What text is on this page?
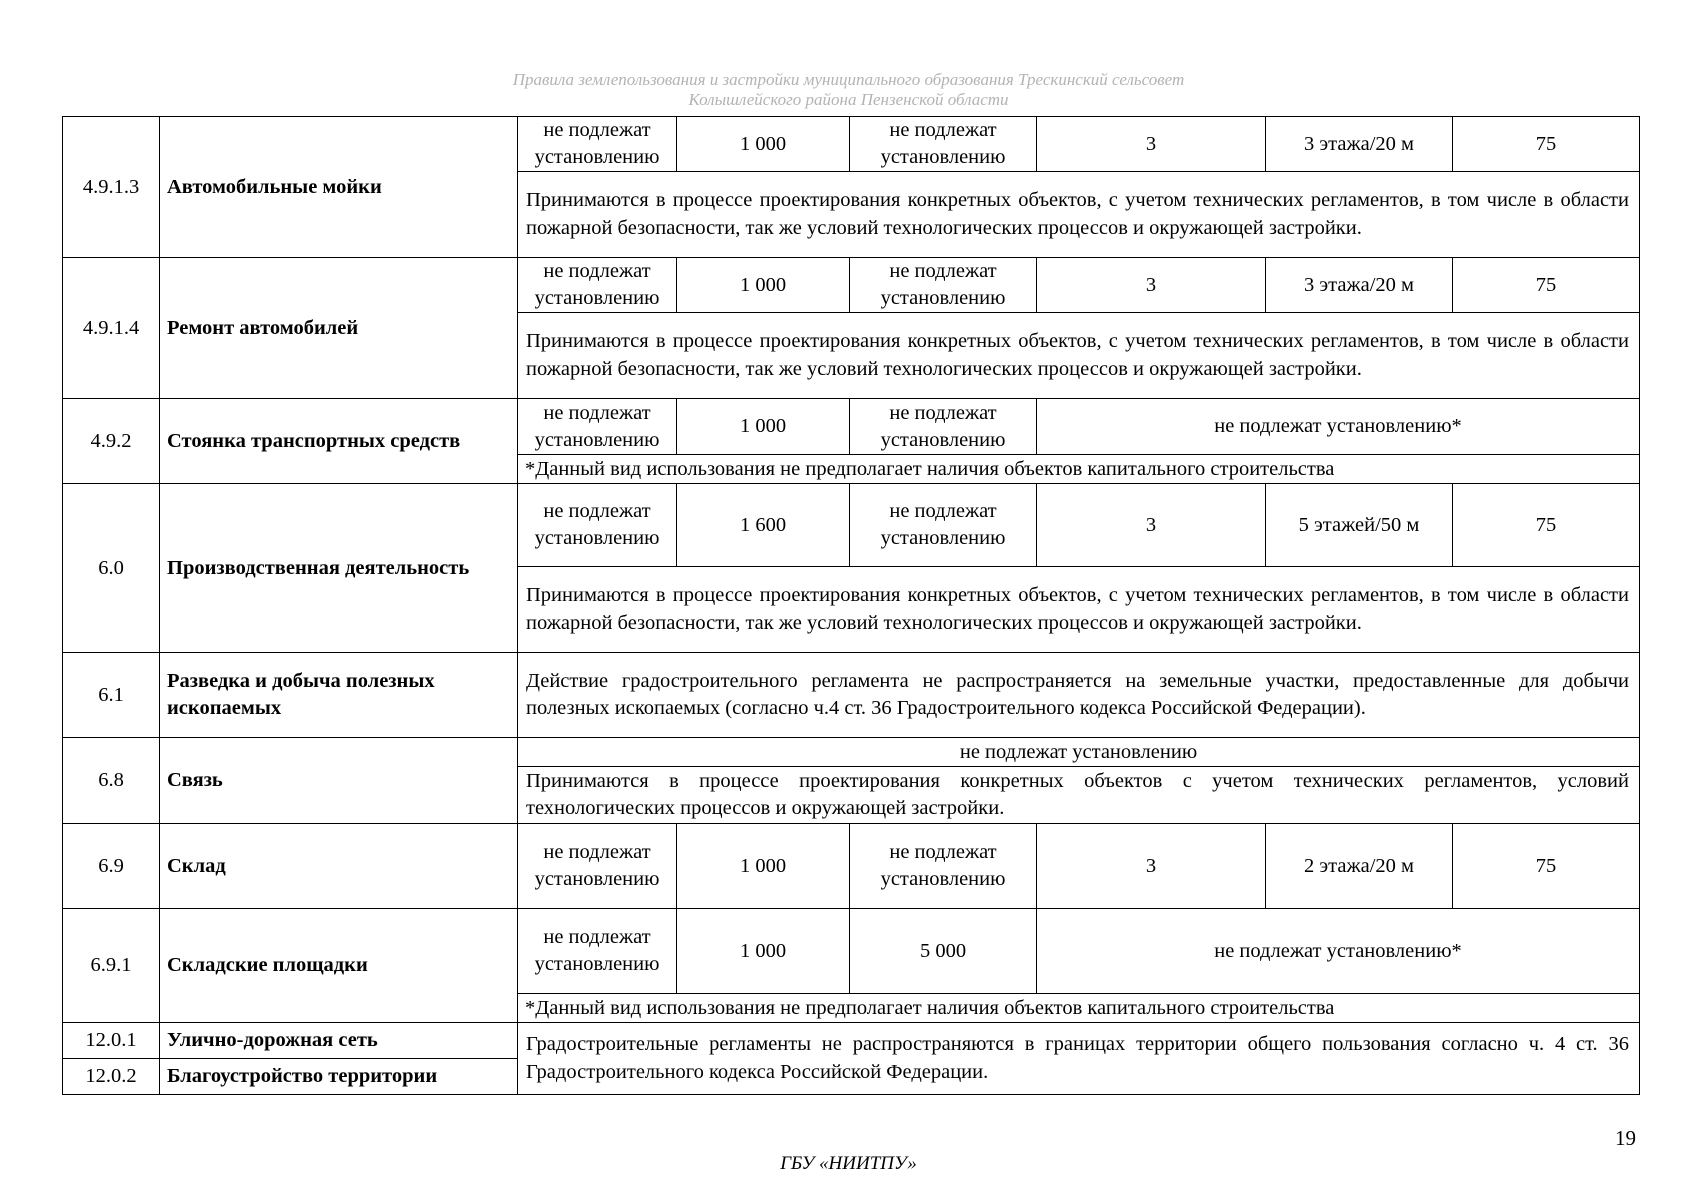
Правила землепользования и застройки муниципального образования Трескинский сельсовет
Колышлейского района Пензенской области
4.9.1.3	Автомобильные мойки	не подлежат установлению	1 000	не подлежат установлению	3	3 этажа/20 м	75
		Принимаются в процессе проектирования конкретных объектов, с учетом технических регламентов, в том числе в области пожарной безопасности, так же условий технологических процессов и окружающей застройки.					
4.9.1.4	Ремонт автомобилей	не подлежат установлению	1 000	не подлежат установлению	3	3 этажа/20 м	75
		Принимаются в процессе проектирования конкретных объектов, с учетом технических регламентов, в том числе в области пожарной безопасности, так же условий технологических процессов и окружающей застройки.					
4.9.2	Стоянка транспортных средств	не подлежат установлению	1 000	не подлежат установлению	не подлежат установлению*		
		*Данный вид использования не предполагает наличия объектов капитального строительства					
6.0	Производственная деятельность	не подлежат установлению	1 600	не подлежат установлению	3	5 этажей/50 м	75
		Принимаются в процессе проектирования конкретных объектов, с учетом технических регламентов, в том числе в области пожарной безопасности, так же условий технологических процессов и окружающей застройки.					
6.1	Разведка и добыча полезных ископаемых	Действие градостроительного регламента не распространяется на земельные участки, предоставленные для добычи полезных ископаемых (согласно ч.4 ст. 36 Градостроительного кодекса Российской Федерации).					
6.8	Связь	не подлежат установлению					
		Принимаются в процессе проектирования конкретных объектов с учетом технических регламентов, условий технологических процессов и окружающей застройки.					
6.9	Склад	не подлежат установлению	1 000	не подлежат установлению	3	2 этажа/20 м	75
6.9.1	Складские площадки	не подлежат установлению	1 000	5 000	не подлежат установлению*		
		*Данный вид использования не предполагает наличия объектов капитального строительства					
12.0.1	Улично-дорожная сеть	Градостроительные регламенты не распространяются в границах территории общего пользования согласно ч. 4 ст. 36 Градостроительного кодекса Российской Федерации.					
12.0.2	Благоустройство территории						
19
ГБУ «НИИТПУ»
